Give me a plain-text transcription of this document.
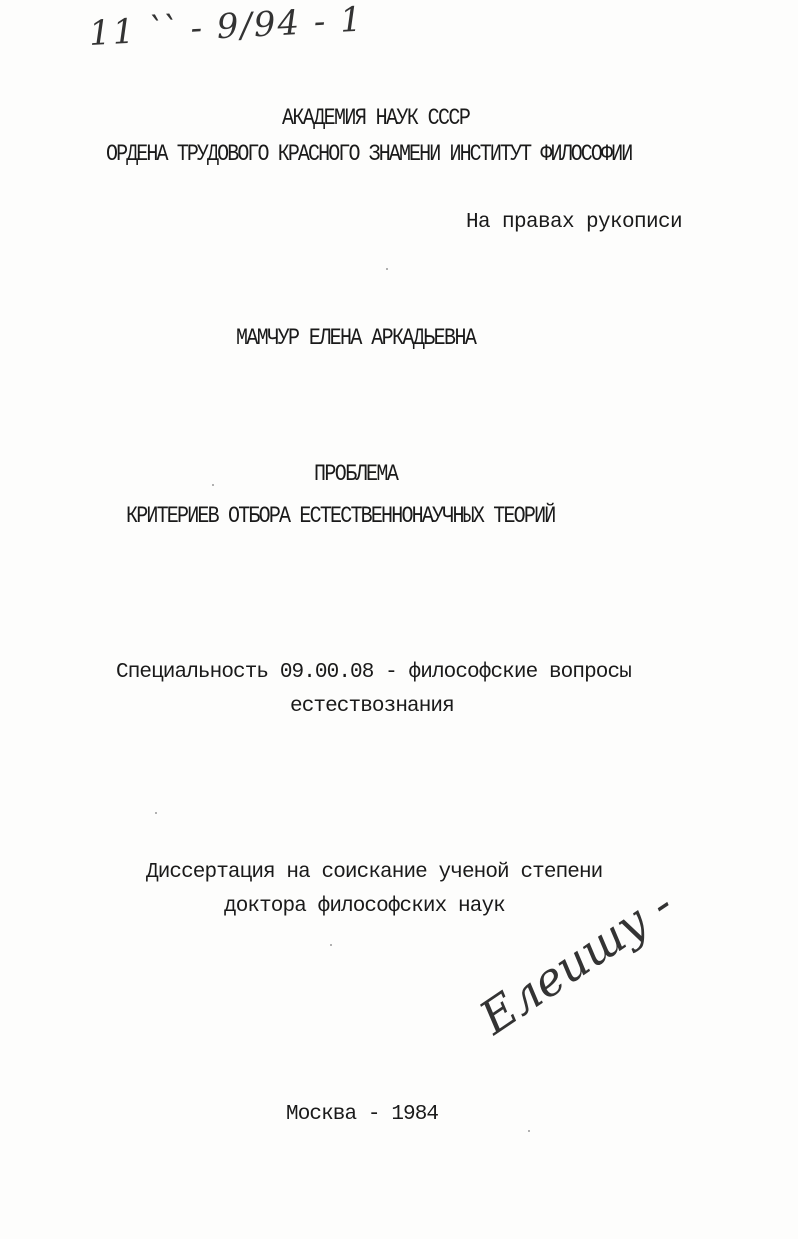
11 ՝՝ - 9/94 - 1
АКАДЕМИЯ НАУК СССР
ОРДЕНА ТРУДОВОГО КРАСНОГО ЗНАМЕНИ ИНСТИТУТ ФИЛОСОФИИ
На правах рукописи
МАМЧУР ЕЛЕНА АРКАДЬЕВНА
ПРОБЛЕМА
КРИТЕРИЕВ ОТБОРА ЕСТЕСТВЕННОНАУЧНЫХ ТЕОРИЙ
Специальность 09.00.08 - философские вопросы
естествознания
Диссертация на соискание ученой степени
доктора философских наук
Елеишу -
Москва - 1984
